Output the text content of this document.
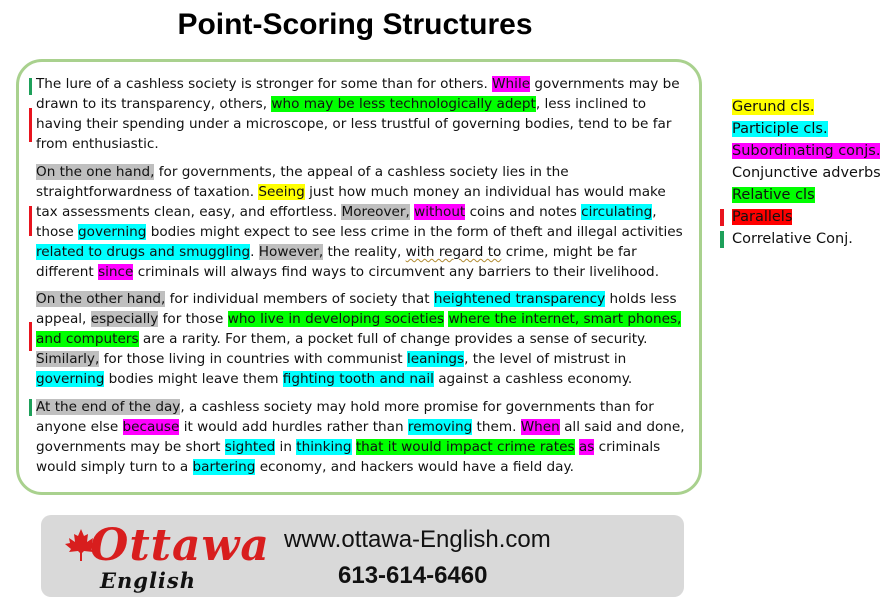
Point-Scoring Structures

The lure of a cashless society is stronger for some than for others. While governments may be drawn to its transparency, others, who may be less technologically adept, less inclined to having their spending under a microscope, or less trustful of governing bodies, tend to be far from enthusiastic.

On the one hand, for governments, the appeal of a cashless society lies in the straightforwardness of taxation. Seeing just how much money an individual has would make tax assessments clean, easy, and effortless. Moreover, without coins and notes circulating, those governing bodies might expect to see less crime in the form of theft and illegal activities related to drugs and smuggling. However, the reality, with regard to crime, might be far different since criminals will always find ways to circumvent any barriers to their livelihood.

On the other hand, for individual members of society that heightened transparency holds less appeal, especially for those who live in developing societies where the internet, smart phones, and computers are a rarity. For them, a pocket full of change provides a sense of security. Similarly, for those living in countries with communist leanings, the level of mistrust in governing bodies might leave them fighting tooth and nail against a cashless economy.

At the end of the day, a cashless society may hold more promise for governments than for anyone else because it would add hurdles rather than removing them. When all said and done, governments may be short sighted in thinking that it would impact crime rates as criminals would simply turn to a bartering economy, and hackers would have a field day.

Gerund cls.
Participle cls.
Subordinating conjs.
Conjunctive adverbs
Relative cls
Parallels
Correlative Conj.
Ottawa
English
www.ottawa-English.com
613-614-6460
